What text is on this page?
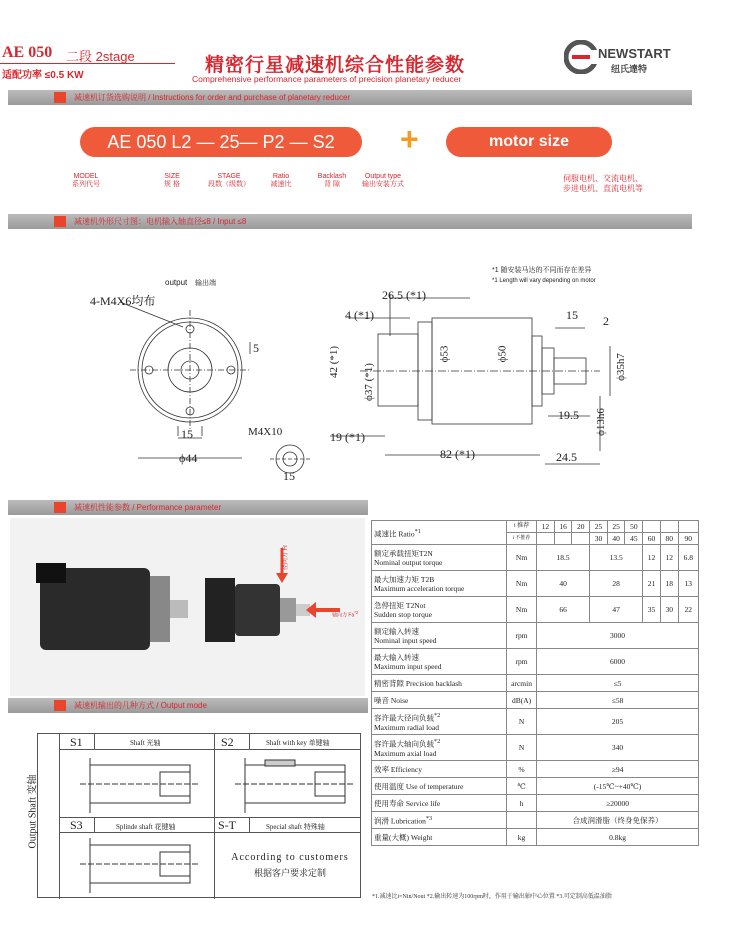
AE 050 二段 2stage
适配功率 ≤0.5 KW	精密行星减速机综合性能参数
Comprehensive performance parameters of precision planetary reducer
NEWSTART
纽氏達特
减速机订货选购说明 / Instructions for order and purchase of planetary reducer
AE 050 L2 — 25— P2 — S2	+	motor size
MODEL
系列代号
SIZE
规 格
STAGE
段数（级数）
Ratio
减速比
Backlash
背 隙
Output type
输出安装方式
伺服电机、交流电机、
步进电机、直流电机等
减速机外形尺寸图：电机输入轴直径≤8 / Input ≤8
output 输出端
4-M4X6均布
15
ϕ44
5
M4X10
15
*1 随安装马达的不同而存在差异
*1 Length will vary depending on motor
26.5 (*1)
4 (*1)
42 (*1)
ϕ37 (*1)
ϕ53	ϕ50
15 2
ϕ35h7
ϕ13h6
19.5
19 (*1)
82 (*1)	24.5
减速机性能参数 / Performance parameter
径向力 Fr
轴向力 Fa$^{*2}$
减速机输出的几种方式 / Output mode
Output Shaft 变轴
S1	Shaft 光轴	S2	Shaft with key 单键轴
S3	Splinde shaft 花键轴	S-T	Special shaft 特殊轴
According to customers
根据客户要求定制
减速比 Ratio$^{*1}$	i 推荐	12	16	20	25	25	50			
	i 不推荐				30	40	45	60	80	90

额定承载扭矩T2N
Nominal output torque	Nm	18.5			13.5			12	12	6.8

最大加速力矩 T2B
Maximum acceleration torque	Nm	40			28			21	18	13

急停扭矩 T2Not
Sudden stop torque	Nm	66			47			35	30	22

额定输入转速
Nominal input speed	rpm	3000								

最大输入转速
Maximum input speed	rpm	6000								
精密背隙 Precision backlash	arcmin	≤5								
噪音 Noise	dB(A)	≤58								

容许最大径向负载$^{*2}$
Maximum radial load	N	205								

容许最大轴向负载$^{*2}$
Maximum axial load	N	340								
效率 Efficiency	%	≥94								
使用温度 Use of temperature	℃	(-15℃~+40℃)								
使用寿命 Service life	h	≥20000								
润滑 Lubrication$^{*3}$		合成润滑脂（终身免保养）								
重量(大概) Weight	kg	0.8kg								
*1.减速比i=Nin/Nout *2.输出转速为100rpm时，作用于输出轴中心位置 *3.可定制高低温油脂
